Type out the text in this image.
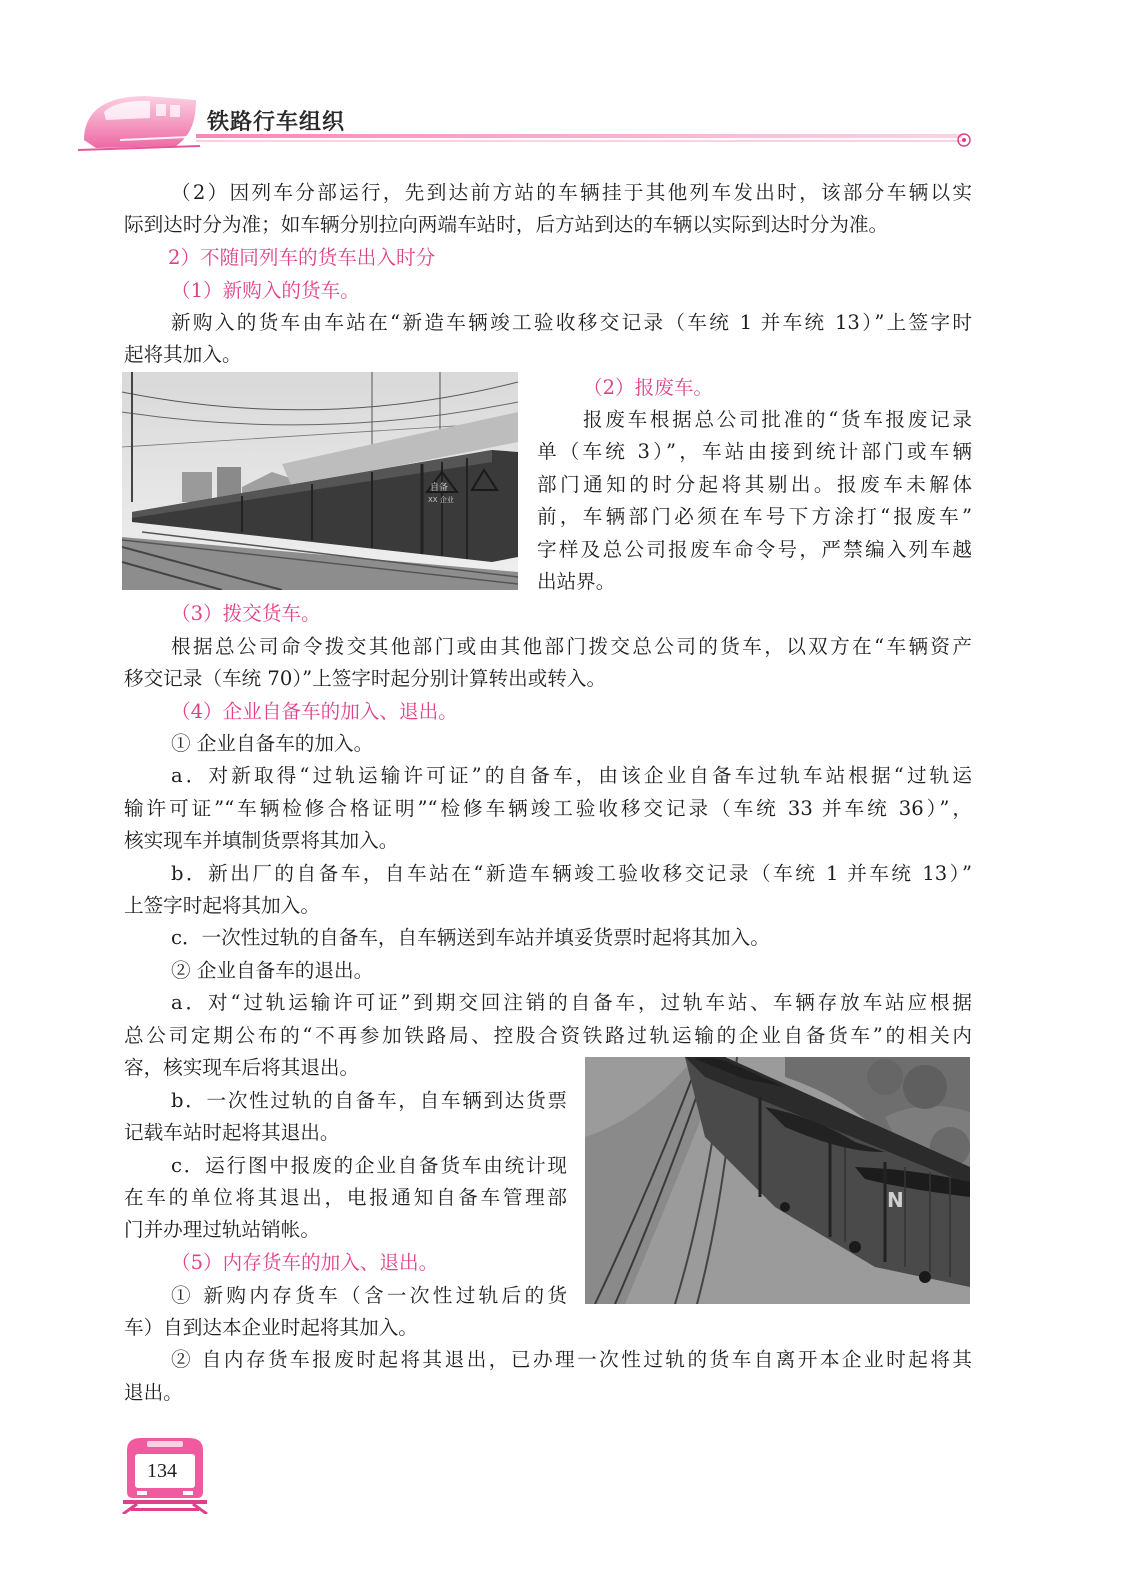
铁路行车组织

（2）因列车分部运行，先到达前方站的车辆挂于其他列车发出时，该部分车辆以实

际到达时分为准；如车辆分别拉向两端车站时，后方站到达的车辆以实际到达时分为准。

2）不随同列车的货车出入时分

（1）新购入的货车。

新购入的货车由车站在“新造车辆竣工验收移交记录（车统 1 并车统 13）”上签字时

起将其加入。

自备
XX 企业

（2）报废车。

报废车根据总公司批准的“货车报废记录

单（车统 3）”，车站由接到统计部门或车辆

部门通知的时分起将其剔出。报废车未解体

前，车辆部门必须在车号下方涂打“报废车”

字样及总公司报废车命令号，严禁编入列车越

出站界。

（3）拨交货车。

根据总公司命令拨交其他部门或由其他部门拨交总公司的货车，以双方在“车辆资产

移交记录（车统 70）”上签字时起分别计算转出或转入。

（4）企业自备车的加入、退出。

① 企业自备车的加入。

a．对新取得“过轨运输许可证”的自备车，由该企业自备车过轨车站根据“过轨运

输许可证”“车辆检修合格证明”“检修车辆竣工验收移交记录（车统 33 并车统 36）”，

核实现车并填制货票将其加入。

b．新出厂的自备车，自车站在“新造车辆竣工验收移交记录（车统 1 并车统 13）”

上签字时起将其加入。

c．一次性过轨的自备车，自车辆送到车站并填妥货票时起将其加入。

② 企业自备车的退出。

a．对“过轨运输许可证”到期交回注销的自备车，过轨车站、车辆存放车站应根据

总公司定期公布的“不再参加铁路局、控股合资铁路过轨运输的企业自备货车”的相关内

容，核实现车后将其退出。

b．一次性过轨的自备车，自车辆到达货票

记载车站时起将其退出。

c．运行图中报废的企业自备货车由统计现

在车的单位将其退出，电报通知自备车管理部

门并办理过轨站销帐。

（5）内存货车的加入、退出。

① 新购内存货车（含一次性过轨后的货

车）自到达本企业时起将其加入。

② 自内存货车报废时起将其退出，已办理一次性过轨的货车自离开本企业时起将其

退出。

N
134
